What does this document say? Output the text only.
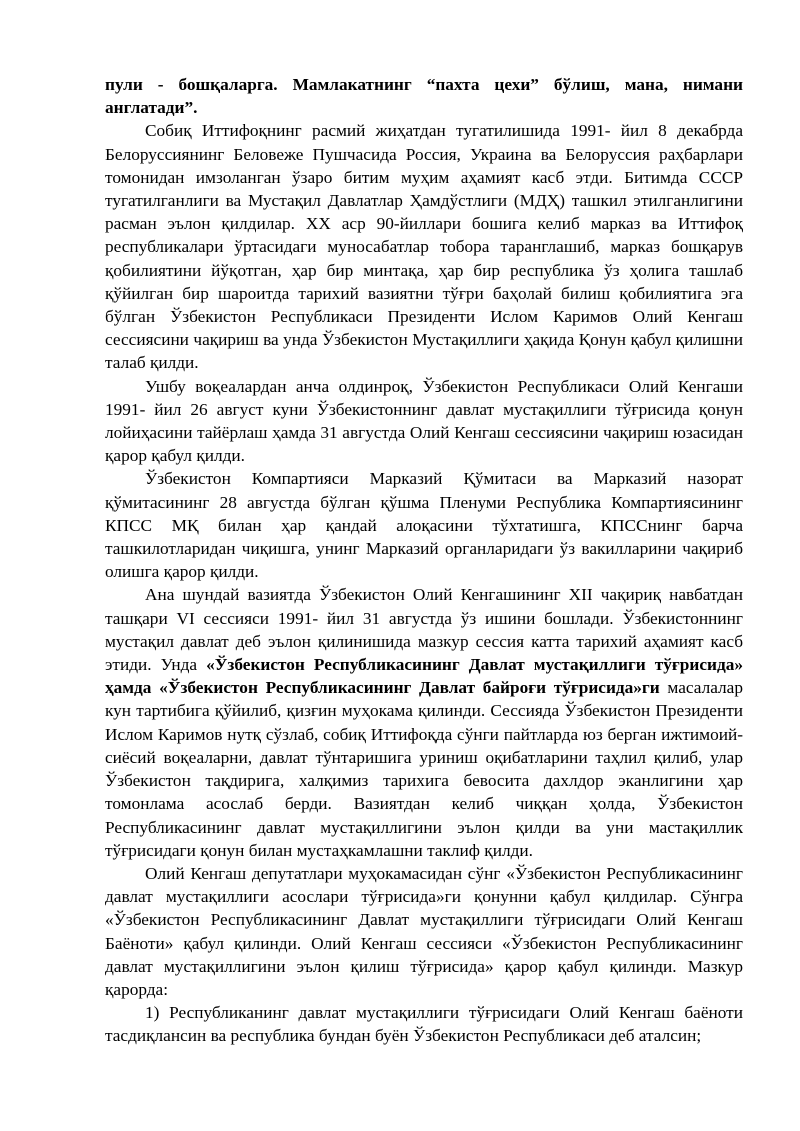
пули - бошқаларга. Мамлакатнинг “пахта цехи” бўлиш, мана, нимани англатади”.

Собиқ Иттифоқнинг расмий жиҳатдан тугатилишида 1991- йил 8 декабрда Белоруссиянинг Беловеже Пушчасида Россия, Украина ва Белоруссия раҳбарлари томонидан имзоланган ўзаро битим муҳим аҳамият касб этди. Битимда СССР тугатилганлиги ва Мустақил Давлатлар Ҳамдўстлиги (МДҲ) ташкил этилганлигини расман эълон қилдилар. XX аср 90-йиллари бошига келиб марказ ва Иттифоқ республикалари ўртасидаги муносабатлар тобора таранглашиб, марказ бошқарув қобилиятини йўқотган, ҳар бир минтақа, ҳар бир республика ўз ҳолига ташлаб қўйилган бир шароитда тарихий вазиятни тўғри баҳолай билиш қобилиятига эга бўлган Ўзбекистон Республикаси Президенти Ислом Каримов Олий Кенгаш сессиясини чақириш ва унда Ўзбекистон Мустақиллиги ҳақида Қонун қабул қилишни талаб қилди.

Ушбу воқеалардан анча олдинроқ, Ўзбекистон Республикаси Олий Кенгаши 1991- йил 26 август куни Ўзбекистоннинг давлат мустақиллиги тўғрисида қонун лойиҳасини тайёрлаш ҳамда 31 августда Олий Кенгаш сессиясини чақириш юзасидан қарор қабул қилди.

Ўзбекистон Компартияси Марказий Қўмитаси ва Марказий назорат қўмитасининг 28 августда бўлган қўшма Пленуми Республика Компартиясининг КПСС МҚ билан ҳар қандай алоқасини тўхтатишга, КПССнинг барча ташкилотларидан чиқишга, унинг Марказий органларидаги ўз вакилларини чақириб олишга қарор қилди.

Ана шундай вазиятда Ўзбекистон Олий Кенгашининг XII чақириқ навбатдан ташқари VI сессияси 1991- йил 31 августда ўз ишини бошлади. Ўзбекистоннинг мустақил давлат деб эълон қилинишида мазкур сессия катта тарихий аҳамият касб этиди. Унда «Ўзбекистон Республикасининг Давлат мустақиллиги тўғрисида» ҳамда «Ўзбекистон Республикасининг Давлат байроғи тўғрисида»ги масалалар кун тартибига қўйилиб, қизғин муҳокама қилинди. Сессияда Ўзбекистон Президенти Ислом Каримов нутқ сўзлаб, собиқ Иттифоқда сўнги пайтларда юз берган ижтимоий-сиёсий воқеаларни, давлат тўнтаришига уриниш оқибатларини таҳлил қилиб, улар Ўзбекистон тақдирига, халқимиз тарихига бевосита дахлдор эканлигини ҳар томонлама асослаб берди. Вазиятдан келиб чиққан ҳолда, Ўзбекистон Республикасининг давлат мустақиллигини эълон қилди ва уни мастақиллик тўғрисидаги қонун билан мустаҳкамлашни таклиф қилди.

Олий Кенгаш депутатлари муҳокамасидан сўнг «Ўзбекистон Республикасининг давлат мустақиллиги асослари тўғрисида»ги қонунни қабул қилдилар. Сўнгра «Ўзбекистон Республикасининг Давлат мустақиллиги тўғрисидаги Олий Кенгаш Баёноти» қабул қилинди. Олий Кенгаш сессияси «Ўзбекистон Республикасининг давлат мустақиллигини эълон қилиш тўғрисида» қарор қабул қилинди. Мазкур қарорда:

1) Республиканинг давлат мустақиллиги тўғрисидаги Олий Кенгаш баёноти тасдиқлансин ва республика бундан буён Ўзбекистон Республикаси деб аталсин;
